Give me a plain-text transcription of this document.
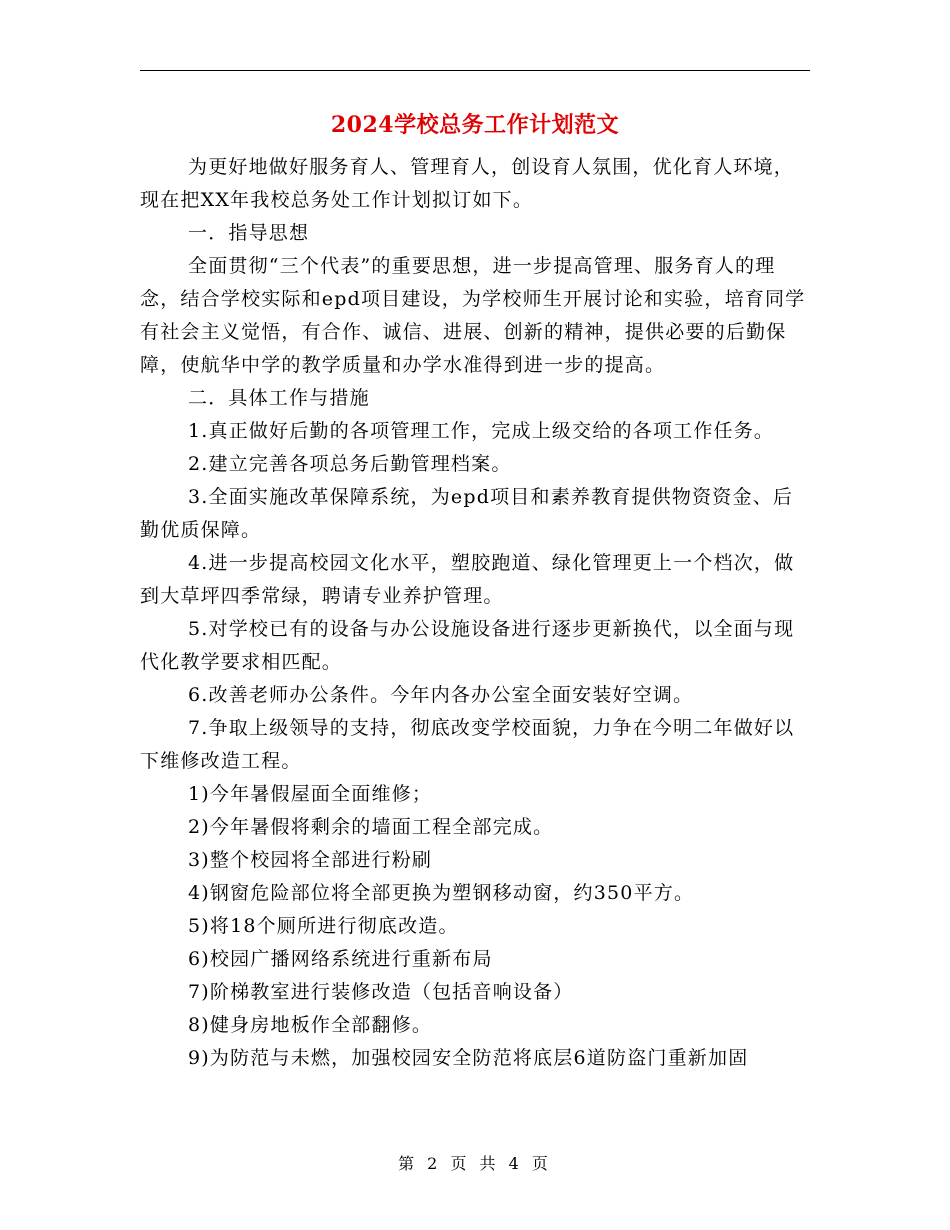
2024学校总务工作计划范文

为更好地做好服务育人、管理育人，创设育人氛围，优化育人环境，现在把XX年我校总务处工作计划拟订如下。

一．指导思想

全面贯彻“三个代表”的重要思想，进一步提高管理、服务育人的理念，结合学校实际和epd项目建设，为学校师生开展讨论和实验，培育同学有社会主义觉悟，有合作、诚信、进展、创新的精神，提供必要的后勤保障，使航华中学的教学质量和办学水准得到进一步的提高。

二．具体工作与措施

1.真正做好后勤的各项管理工作，完成上级交给的各项工作任务。

2.建立完善各项总务后勤管理档案。

3.全面实施改革保障系统，为epd项目和素养教育提供物资资金、后勤优质保障。

4.进一步提高校园文化水平，塑胶跑道、绿化管理更上一个档次，做到大草坪四季常绿，聘请专业养护管理。

5.对学校已有的设备与办公设施设备进行逐步更新换代，以全面与现代化教学要求相匹配。

6.改善老师办公条件。今年内各办公室全面安装好空调。

7.争取上级领导的支持，彻底改变学校面貌，力争在今明二年做好以下维修改造工程。

1)今年暑假屋面全面维修；

2)今年暑假将剩余的墙面工程全部完成。

3)整个校园将全部进行粉刷

4)钢窗危险部位将全部更换为塑钢移动窗，约350平方。

5)将18个厕所进行彻底改造。

6)校园广播网络系统进行重新布局

7)阶梯教室进行装修改造（包括音响设备）

8)健身房地板作全部翻修。

9)为防范与未燃，加强校园安全防范将底层6道防盗门重新加固

第 2 页 共 4 页
